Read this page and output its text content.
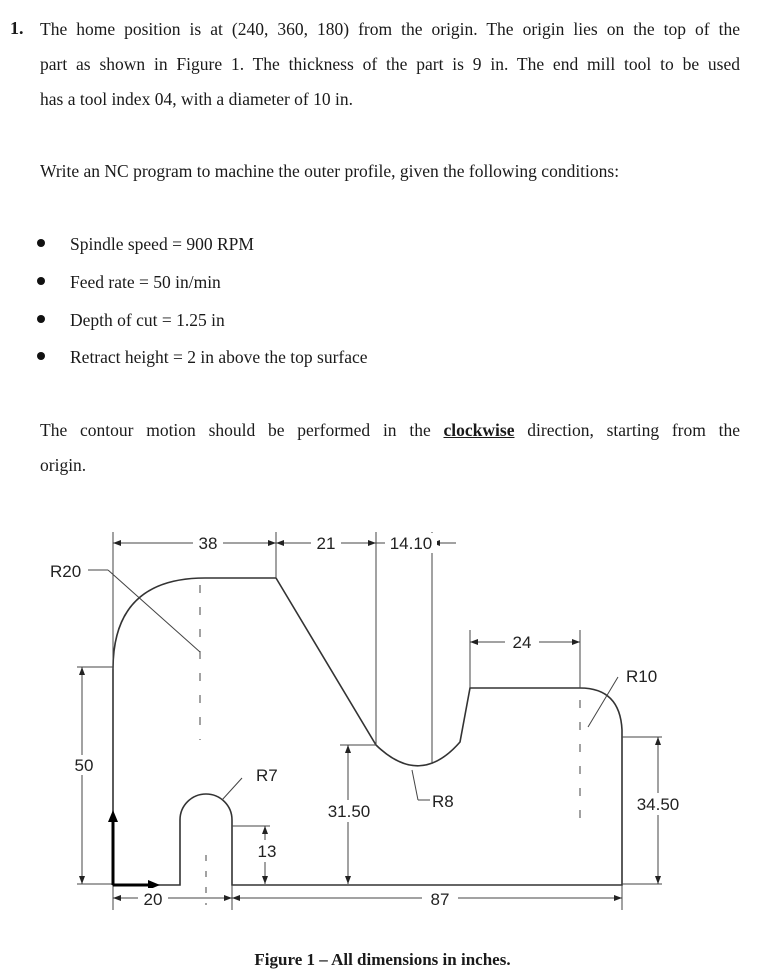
1. The home position is at (240, 360, 180) from the origin. The origin lies on the top of the
part as shown in Figure 1. The thickness of the part is 9 in. The end mill tool to be used
has a tool index 04, with a diameter of 10 in.
Write an NC program to machine the outer profile, given the following conditions:
Spindle speed = 900 RPM
Feed rate = 50 in/min
Depth of cut = 1.25 in
Retract height = 2 in above the top surface
The contour motion should be performed in the clockwise direction, starting from the
origin.
38	21	14.10
R20
24
R10
50
R7
31.50
R8	34.50
13
20	87
Figure 1 – All dimensions in inches.
